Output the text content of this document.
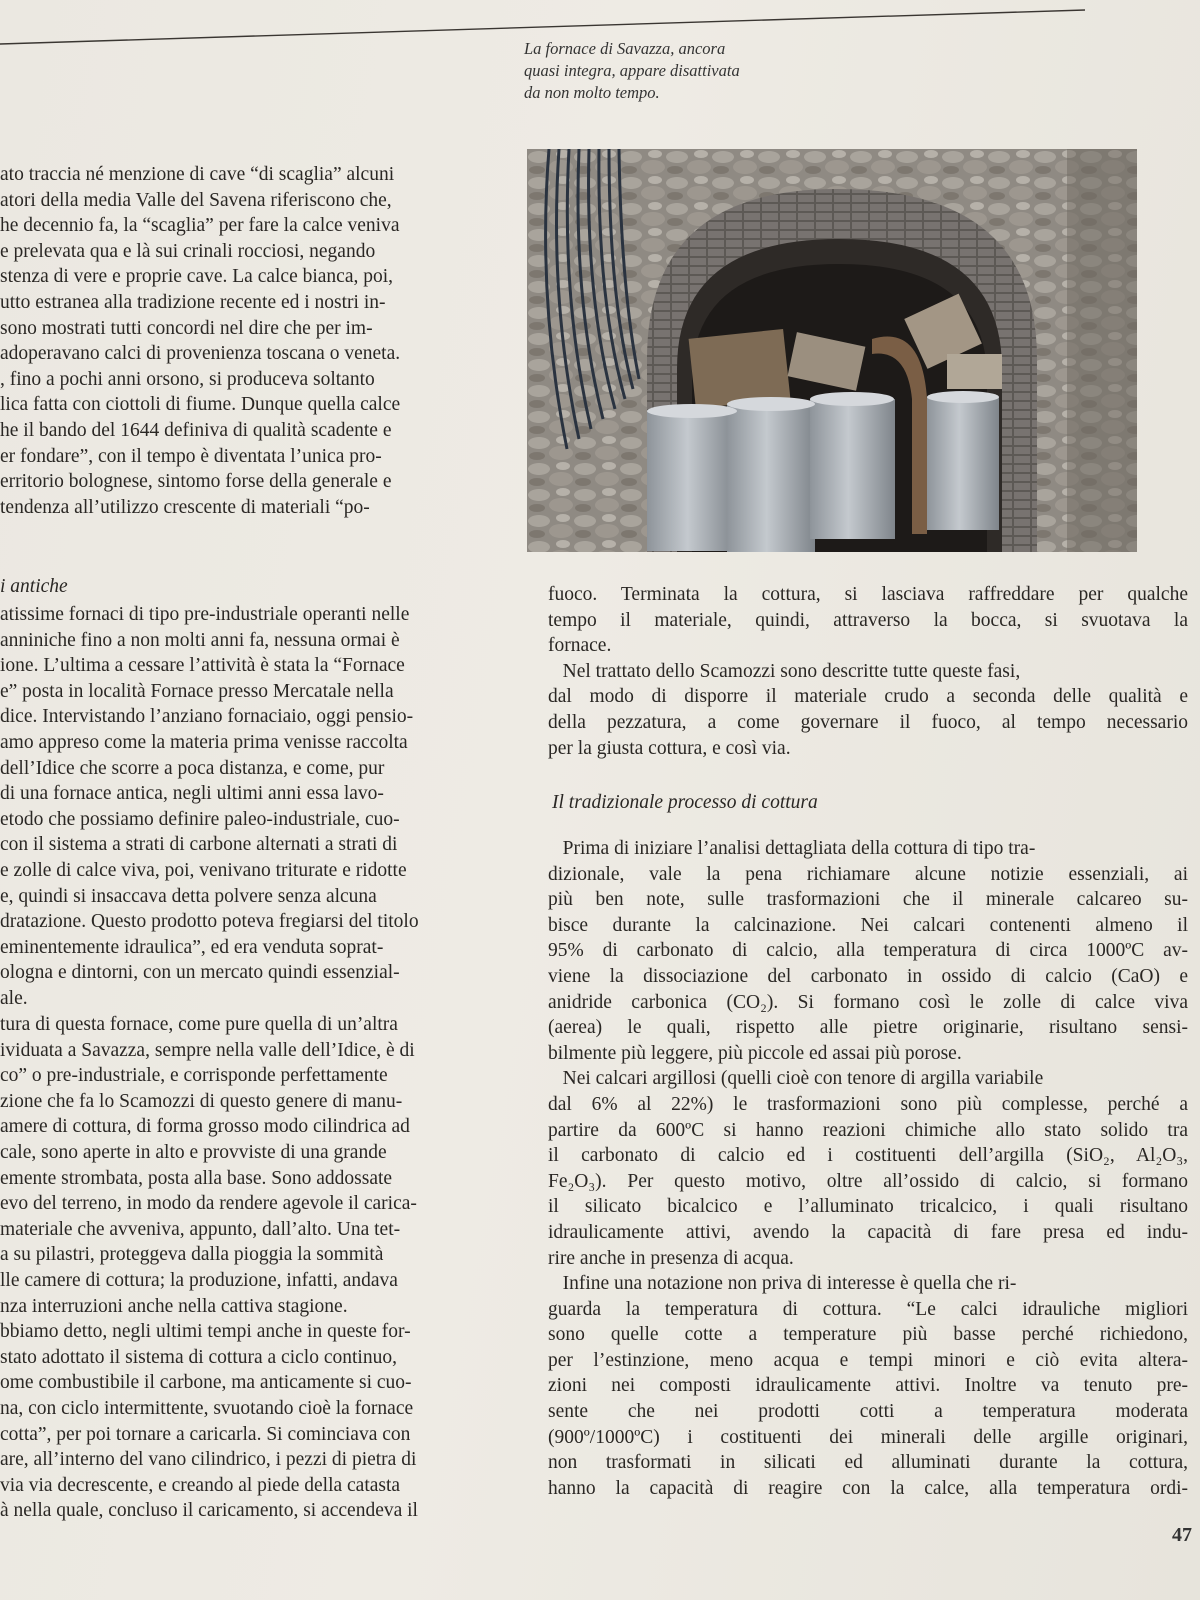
La fornace di Savazza, ancora
quasi integra, appare disattivata
da non molto tempo.
ato traccia né menzione di cave “di scaglia” alcuni
atori della media Valle del Savena riferiscono che,
he decennio fa, la “scaglia” per fare la calce veniva
e prelevata qua e là sui crinali rocciosi, negando
stenza di vere e proprie cave. La calce bianca, poi,
utto estranea alla tradizione recente ed i nostri in-
sono mostrati tutti concordi nel dire che per im-
adoperavano calci di provenienza toscana o veneta.
, fino a pochi anni orsono, si produceva soltanto
lica fatta con ciottoli di fiume. Dunque quella calce
he il bando del 1644 definiva di qualità scadente e
er fondare”, con il tempo è diventata l’unica pro-
erritorio bolognese, sintomo forse della generale e
tendenza all’utilizzo crescente di materiali “po-
i antiche
atissime fornaci di tipo pre-industriale operanti nelle
anniniche fino a non molti anni fa, nessuna ormai è
ione. L’ultima a cessare l’attività è stata la “Fornace
e” posta in località Fornace presso Mercatale nella
dice. Intervistando l’anziano fornaciaio, oggi pensio-
amo appreso come la materia prima venisse raccolta
dell’Idice che scorre a poca distanza, e come, pur
di una fornace antica, negli ultimi anni essa lavo-
etodo che possiamo definire paleo-industriale, cuo-
con il sistema a strati di carbone alternati a strati di
e zolle di calce viva, poi, venivano triturate e ridotte
e, quindi si insaccava detta polvere senza alcuna
dratazione. Questo prodotto poteva fregiarsi del titolo
eminentemente idraulica”, ed era venduta soprat-
ologna e dintorni, con un mercato quindi essenzial-
ale.
tura di questa fornace, come pure quella di un’altra
ividuata a Savazza, sempre nella valle dell’Idice, è di
co” o pre-industriale, e corrisponde perfettamente
zione che fa lo Scamozzi di questo genere di manu-
amere di cottura, di forma grosso modo cilindrica ad
cale, sono aperte in alto e provviste di una grande
emente strombata, posta alla base. Sono addossate
evo del terreno, in modo da rendere agevole il carica-
materiale che avveniva, appunto, dall’alto. Una tet-
a su pilastri, proteggeva dalla pioggia la sommità
lle camere di cottura; la produzione, infatti, andava
nza interruzioni anche nella cattiva stagione.
bbiamo detto, negli ultimi tempi anche in queste for-
stato adottato il sistema di cottura a ciclo continuo,
ome combustibile il carbone, ma anticamente si cuo-
na, con ciclo intermittente, svuotando cioè la fornace
cotta”, per poi tornare a caricarla. Si cominciava con
are, all’interno del vano cilindrico, i pezzi di pietra di
via via decrescente, e creando al piede della catasta
à nella quale, concluso il caricamento, si accendeva il
fuoco. Terminata la cottura, si lasciava raffreddare per qualche
tempo il materiale, quindi, attraverso la bocca, si svuotava la
fornace.
Nel trattato dello Scamozzi sono descritte tutte queste fasi,
dal modo di disporre il materiale crudo a seconda delle qualità e
della pezzatura, a come governare il fuoco, al tempo necessario
per la giusta cottura, e così via.
Il tradizionale processo di cottura
Prima di iniziare l’analisi dettagliata della cottura di tipo tra-
dizionale, vale la pena richiamare alcune notizie essenziali, ai
più ben note, sulle trasformazioni che il minerale calcareo su-
bisce durante la calcinazione. Nei calcari contenenti almeno il
95% di carbonato di calcio, alla temperatura di circa 1000ºC av-
viene la dissociazione del carbonato in ossido di calcio (CaO) e
anidride carbonica (CO₂). Si formano così le zolle di calce viva
(aerea) le quali, rispetto alle pietre originarie, risultano sensi-
bilmente più leggere, più piccole ed assai più porose.
Nei calcari argillosi (quelli cioè con tenore di argilla variabile
dal 6% al 22%) le trasformazioni sono più complesse, perché a
partire da 600ºC si hanno reazioni chimiche allo stato solido tra
il carbonato di calcio ed i costituenti dell’argilla (SiO₂, Al₂O₃,
Fe₂O₃). Per questo motivo, oltre all’ossido di calcio, si formano
il silicato bicalcico e l’alluminato tricalcico, i quali risultano
idraulicamente attivi, avendo la capacità di fare presa ed indu-
rire anche in presenza di acqua.
Infine una notazione non priva di interesse è quella che ri-
guarda la temperatura di cottura. “Le calci idrauliche migliori
sono quelle cotte a temperature più basse perché richiedono,
per l’estinzione, meno acqua e tempi minori e ciò evita altera-
zioni nei composti idraulicamente attivi. Inoltre va tenuto pre-
sente che nei prodotti cotti a temperatura moderata
(900º/1000ºC) i costituenti dei minerali delle argille originari,
non trasformati in silicati ed alluminati durante la cottura,
hanno la capacità di reagire con la calce, alla temperatura ordi-
47
